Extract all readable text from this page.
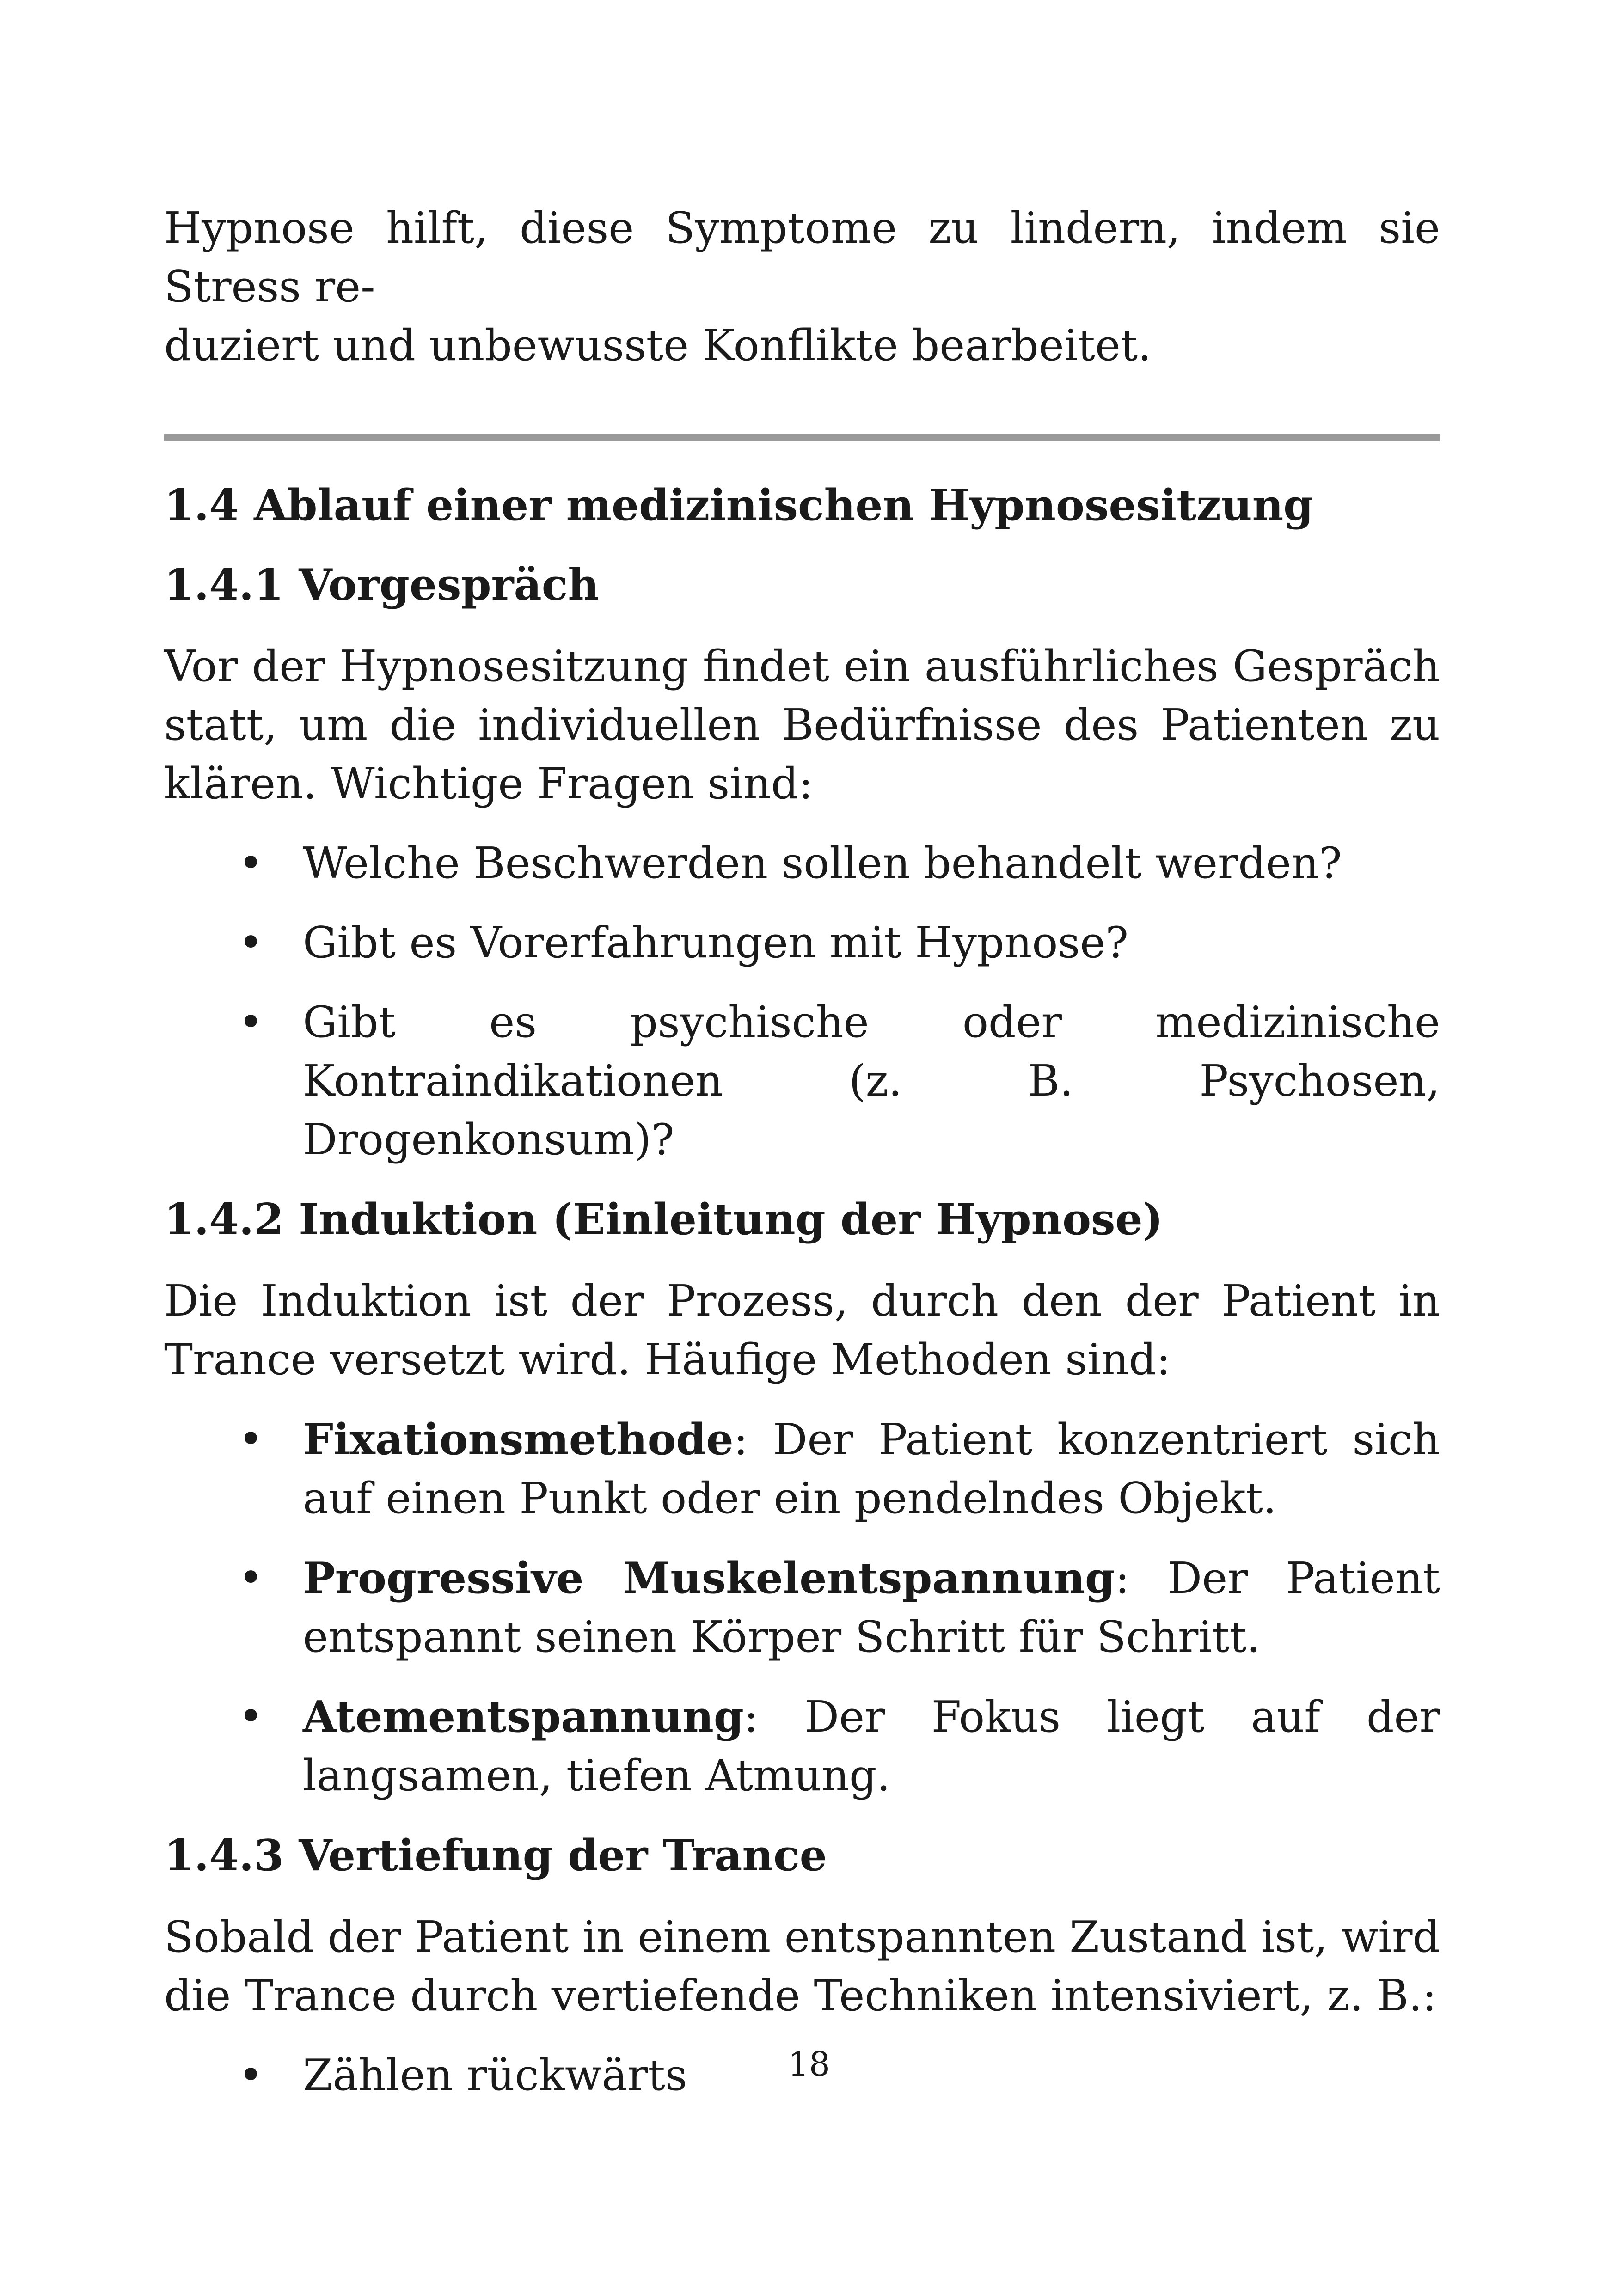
Hypnose hilft, diese Symptome zu lindern, indem sie Stress re-
duziert und unbewusste Konflikte bearbeitet.

1.4 Ablauf einer medizinischen Hypnosesitzung
1.4.1 Vorgespräch

Vor der Hypnosesitzung findet ein ausführliches Gespräch statt, um die individuellen Bedürfnisse des Patienten zu klären. Wichtige Fragen sind:

• Welche Beschwerden sollen behandelt werden?
• Gibt es Vorerfahrungen mit Hypnose?
• Gibt es psychische oder medizinische Kontraindikationen (z. B. Psychosen, Drogenkonsum)?
1.4.2 Induktion (Einleitung der Hypnose)

Die Induktion ist der Prozess, durch den der Patient in Trance versetzt wird. Häufige Methoden sind:

• Fixationsmethode: Der Patient konzentriert sich auf einen Punkt oder ein pendelndes Objekt.
• Progressive Muskelentspannung: Der Patient entspannt seinen Körper Schritt für Schritt.
• Atementspannung: Der Fokus liegt auf der langsamen, tiefen Atmung.
1.4.3 Vertiefung der Trance

Sobald der Patient in einem entspannten Zustand ist, wird die Trance durch vertiefende Techniken intensiviert, z. B.:

• Zählen rückwärts	18
